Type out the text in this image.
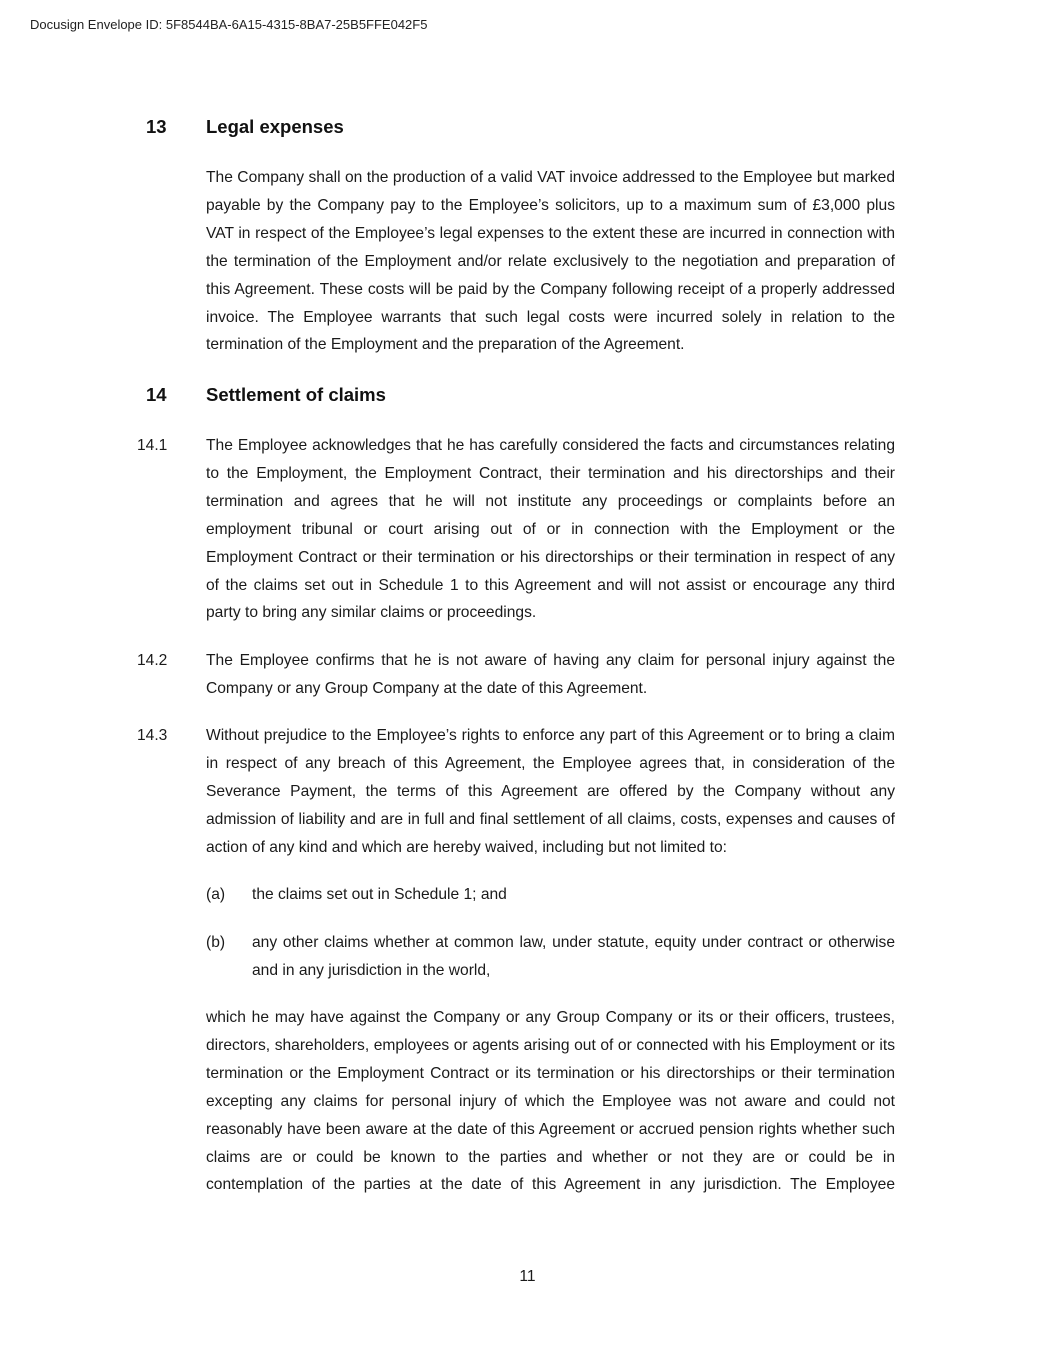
Docusign Envelope ID: 5F8544BA-6A15-4315-8BA7-25B5FFE042F5
13 Legal expenses
The Company shall on the production of a valid VAT invoice addressed to the Employee but marked payable by the Company pay to the Employee’s solicitors, up to a maximum sum of £3,000 plus VAT in respect of the Employee’s legal expenses to the extent these are incurred in connection with the termination of the Employment and/or relate exclusively to the negotiation and preparation of this Agreement. These costs will be paid by the Company following receipt of a properly addressed invoice. The Employee warrants that such legal costs were incurred solely in relation to the termination of the Employment and the preparation of the Agreement.
14 Settlement of claims
14.1 The Employee acknowledges that he has carefully considered the facts and circumstances relating to the Employment, the Employment Contract, their termination and his directorships and their termination and agrees that he will not institute any proceedings or complaints before an employment tribunal or court arising out of or in connection with the Employment or the Employment Contract or their termination or his directorships or their termination in respect of any of the claims set out in Schedule 1 to this Agreement and will not assist or encourage any third party to bring any similar claims or proceedings.
14.2 The Employee confirms that he is not aware of having any claim for personal injury against the Company or any Group Company at the date of this Agreement.
14.3 Without prejudice to the Employee’s rights to enforce any part of this Agreement or to bring a claim in respect of any breach of this Agreement, the Employee agrees that, in consideration of the Severance Payment, the terms of this Agreement are offered by the Company without any admission of liability and are in full and final settlement of all claims, costs, expenses and causes of action of any kind and which are hereby waived, including but not limited to:
(a) the claims set out in Schedule 1; and
(b) any other claims whether at common law, under statute, equity under contract or otherwise and in any jurisdiction in the world,
which he may have against the Company or any Group Company or its or their officers, trustees, directors, shareholders, employees or agents arising out of or connected with his Employment or its termination or the Employment Contract or its termination or his directorships or their termination excepting any claims for personal injury of which the Employee was not aware and could not reasonably have been aware at the date of this Agreement or accrued pension rights whether such claims are or could be known to the parties and whether or not they are or could be in contemplation of the parties at the date of this Agreement in any jurisdiction. The Employee
11
